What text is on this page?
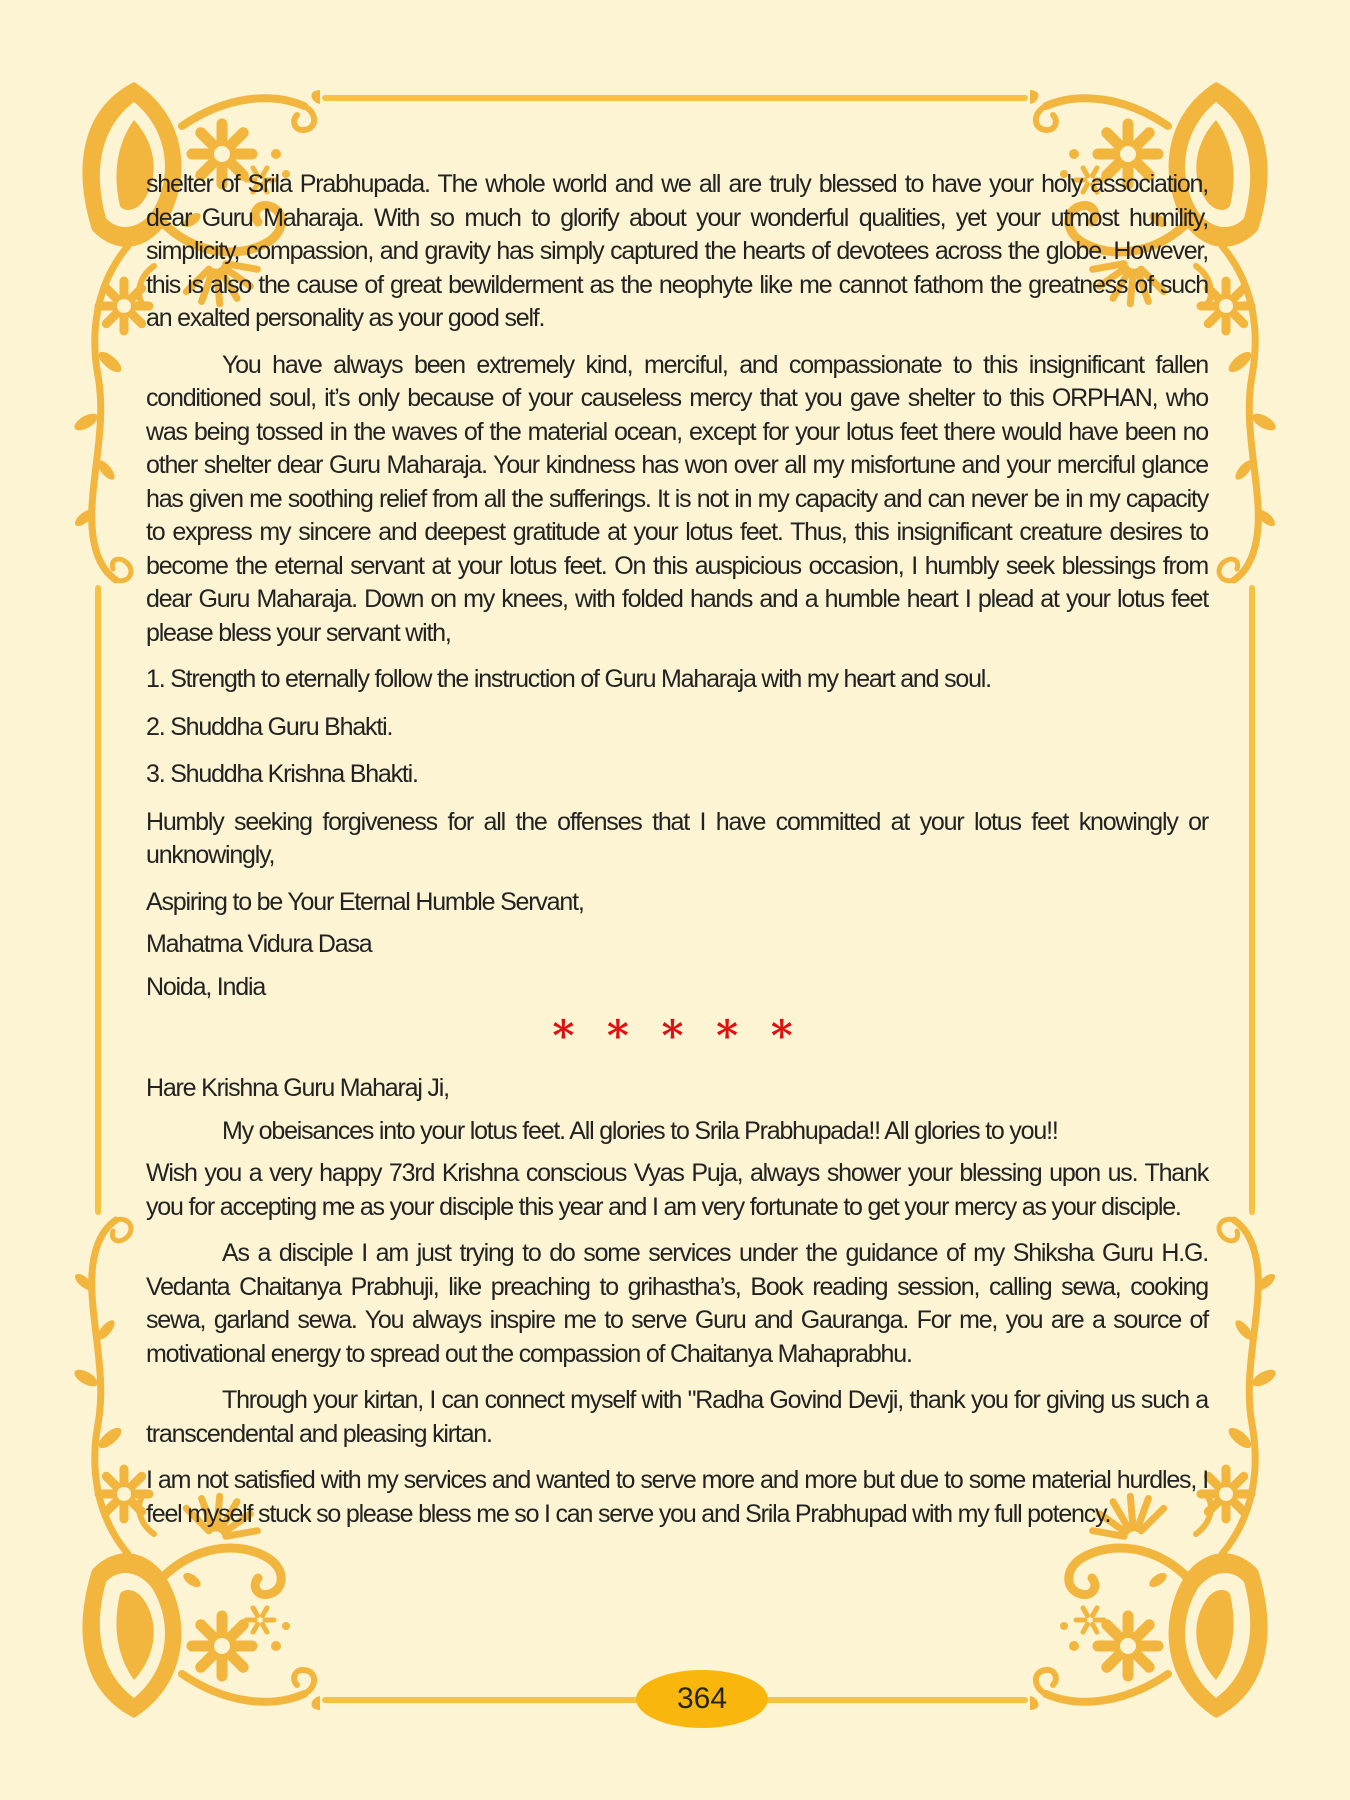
shelter of Srila Prabhupada. The whole world and we all are truly blessed to have your holy association, dear Guru Maharaja. With so much to glorify about your wonderful qualities, yet your utmost humility, simplicity, compassion, and gravity has simply captured the hearts of devotees across the globe. However, this is also the cause of great bewilderment as the neophyte like me cannot fathom the greatness of such an exalted personality as your good self.

You have always been extremely kind, merciful, and compassionate to this insignificant fallen conditioned soul, it’s only because of your causeless mercy that you gave shelter to this ORPHAN, who was being tossed in the waves of the material ocean, except for your lotus feet there would have been no other shelter dear Guru Maharaja. Your kindness has won over all my misfortune and your merciful glance has given me soothing relief from all the sufferings. It is not in my capacity and can never be in my capacity to express my sincere and deepest gratitude at your lotus feet. Thus, this insignificant creature desires to become the eternal servant at your lotus feet. On this auspicious occasion, I humbly seek blessings from dear Guru Maharaja. Down on my knees, with folded hands and a humble heart I plead at your lotus feet please bless your servant with,

1. Strength to eternally follow the instruction of Guru Maharaja with my heart and soul.

2. Shuddha Guru Bhakti.

3. Shuddha Krishna Bhakti.

Humbly seeking forgiveness for all the offenses that I have committed at your lotus feet knowingly or unknowingly,

Aspiring to be Your Eternal Humble Servant,

Mahatma Vidura Dasa

Noida, India

* * * * *

Hare Krishna Guru Maharaj Ji,

My obeisances into your lotus feet. All glories to Srila Prabhupada!! All glories to you!!

Wish you a very happy 73rd Krishna conscious Vyas Puja, always shower your blessing upon us. Thank you for accepting me as your disciple this year and I am very fortunate to get your mercy as your disciple.

As a disciple I am just trying to do some services under the guidance of my Shiksha Guru H.G. Vedanta Chaitanya Prabhuji, like preaching to grihastha’s, Book reading session, calling sewa, cooking sewa, garland sewa. You always inspire me to serve Guru and Gauranga. For me, you are a source of motivational energy to spread out the compassion of Chaitanya Mahaprabhu.

Through your kirtan, I can connect myself with "Radha Govind Devji, thank you for giving us such a transcendental and pleasing kirtan.

I am not satisfied with my services and wanted to serve more and more but due to some material hurdles, I feel myself stuck so please bless me so I can serve you and Srila Prabhupad with my full potency.

364
